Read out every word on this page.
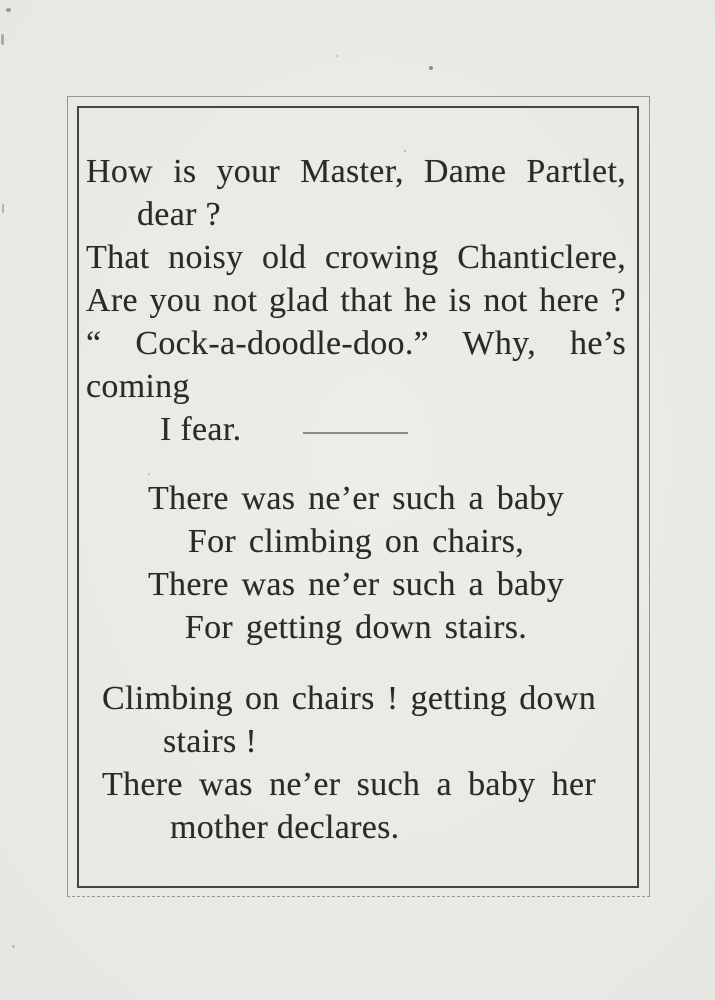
How is your Master, Dame Partlet,
dear ?
That noisy old crowing Chanticlere,
Are you not glad that he is not here ?
“ Cock-a-doodle-doo.” Why, he’s coming
I fear.
There was ne’er such a baby
For climbing on chairs,
There was ne’er such a baby
For getting down stairs.
Climbing on chairs ! getting down
stairs !
There was ne’er such a baby her
mother declares.
